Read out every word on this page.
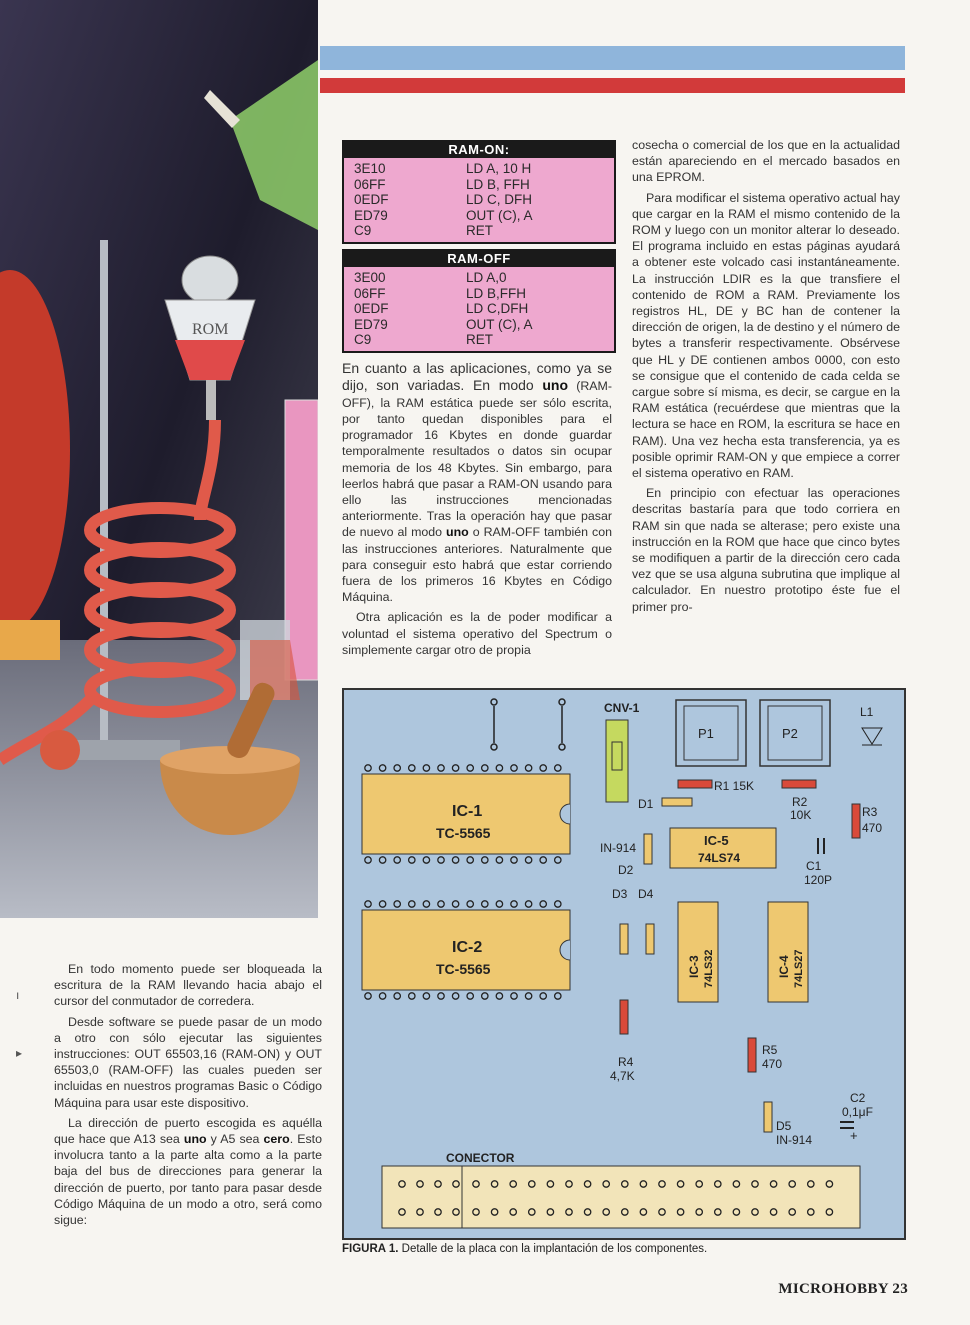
ROM
RAM-ON:
3E10	LD A, 10 H
06FF	LD B, FFH
0EDF	LD C, DFH
ED79	OUT (C), A
C9	RET
RAM-OFF
3E00	LD A,0
06FF	LD B,FFH
0EDF	LD C,DFH
ED79	OUT (C), A
C9	RET

En cuanto a las aplicaciones, como ya se dijo, son variadas. En modo uno (RAM-OFF), la RAM estática puede ser sólo escrita, por tanto quedan disponibles para el programador 16 Kbytes en donde guardar temporalmente resultados o datos sin ocupar memoria de los 48 Kbytes. Sin embargo, para leerlos habrá que pasar a RAM-ON usando para ello las instrucciones mencionadas anteriormente. Tras la operación hay que pasar de nuevo al modo uno o RAM-OFF también con las instrucciones anteriores. Naturalmente que para conseguir esto habrá que estar corriendo fuera de los primeros 16 Kbytes en Código Máquina.

Otra aplicación es la de poder modificar a voluntad el sistema operativo del Spectrum o simplemente cargar otro de propia

cosecha o comercial de los que en la actualidad están apareciendo en el mercado basados en una EPROM.

Para modificar el sistema operativo actual hay que cargar en la RAM el mismo contenido de la ROM y luego con un monitor alterar lo deseado. El programa incluido en estas páginas ayudará a obtener este volcado casi instantáneamente. La instrucción LDIR es la que transfiere el contenido de ROM a RAM. Previamente los registros HL, DE y BC han de contener la dirección de origen, la de destino y el número de bytes a transferir respectivamente. Obsérvese que HL y DE contienen ambos 0000, con esto se consigue que el contenido de cada celda se cargue sobre sí misma, es decir, se cargue en la RAM estática (recuérdese que mientras que la lectura se hace en ROM, la escritura se hace en RAM). Una vez hecha esta transferencia, ya es posible oprimir RAM-ON y que empiece a correr el sistema operativo en RAM.

En principio con efectuar las operaciones descritas bastaría para que todo corriera en RAM sin que nada se alterase; pero existe una instrucción en la ROM que hace que cinco bytes se modifiquen a partir de la dirección cero cada vez que se usa alguna subrutina que implique al calculador. En nuestro prototipo éste fue el primer pro-

En todo momento puede ser bloqueada la escritura de la RAM llevando hacia abajo el cursor del conmutador de corredera.

Desde software se puede pasar de un modo a otro con sólo ejecutar las siguientes instrucciones: OUT 65503,16 (RAM-ON) y OUT 65503,0 (RAM-OFF) las cuales pueden ser incluidas en nuestros programas Basic o Código Máquina para usar este dispositivo.

La dirección de puerto escogida es aquélla que hace que A13 sea uno y A5 sea cero. Esto involucra tanto a la parte alta como a la parte baja del bus de direcciones para generar la dirección de puerto, por tanto para pasar desde Código Máquina de un modo a otro, será como sigue:

ı
▸
CNV-1
P1	P2
L1
IC-1
TC-5565
IC-2
TC-5565
IC-5
74LS74
IC-3 74LS32	IC-4 74LS27
R1 15K
R2
10K	R3
470
R4
4,7K
R5
470
D1
IN-914
D2
D3 D4
D5
IN-914
C1
120P
C2
0,1μF
+
CONECTOR
FIGURA 1. Detalle de la placa con la implantación de los componentes.
MICROHOBBY 23
